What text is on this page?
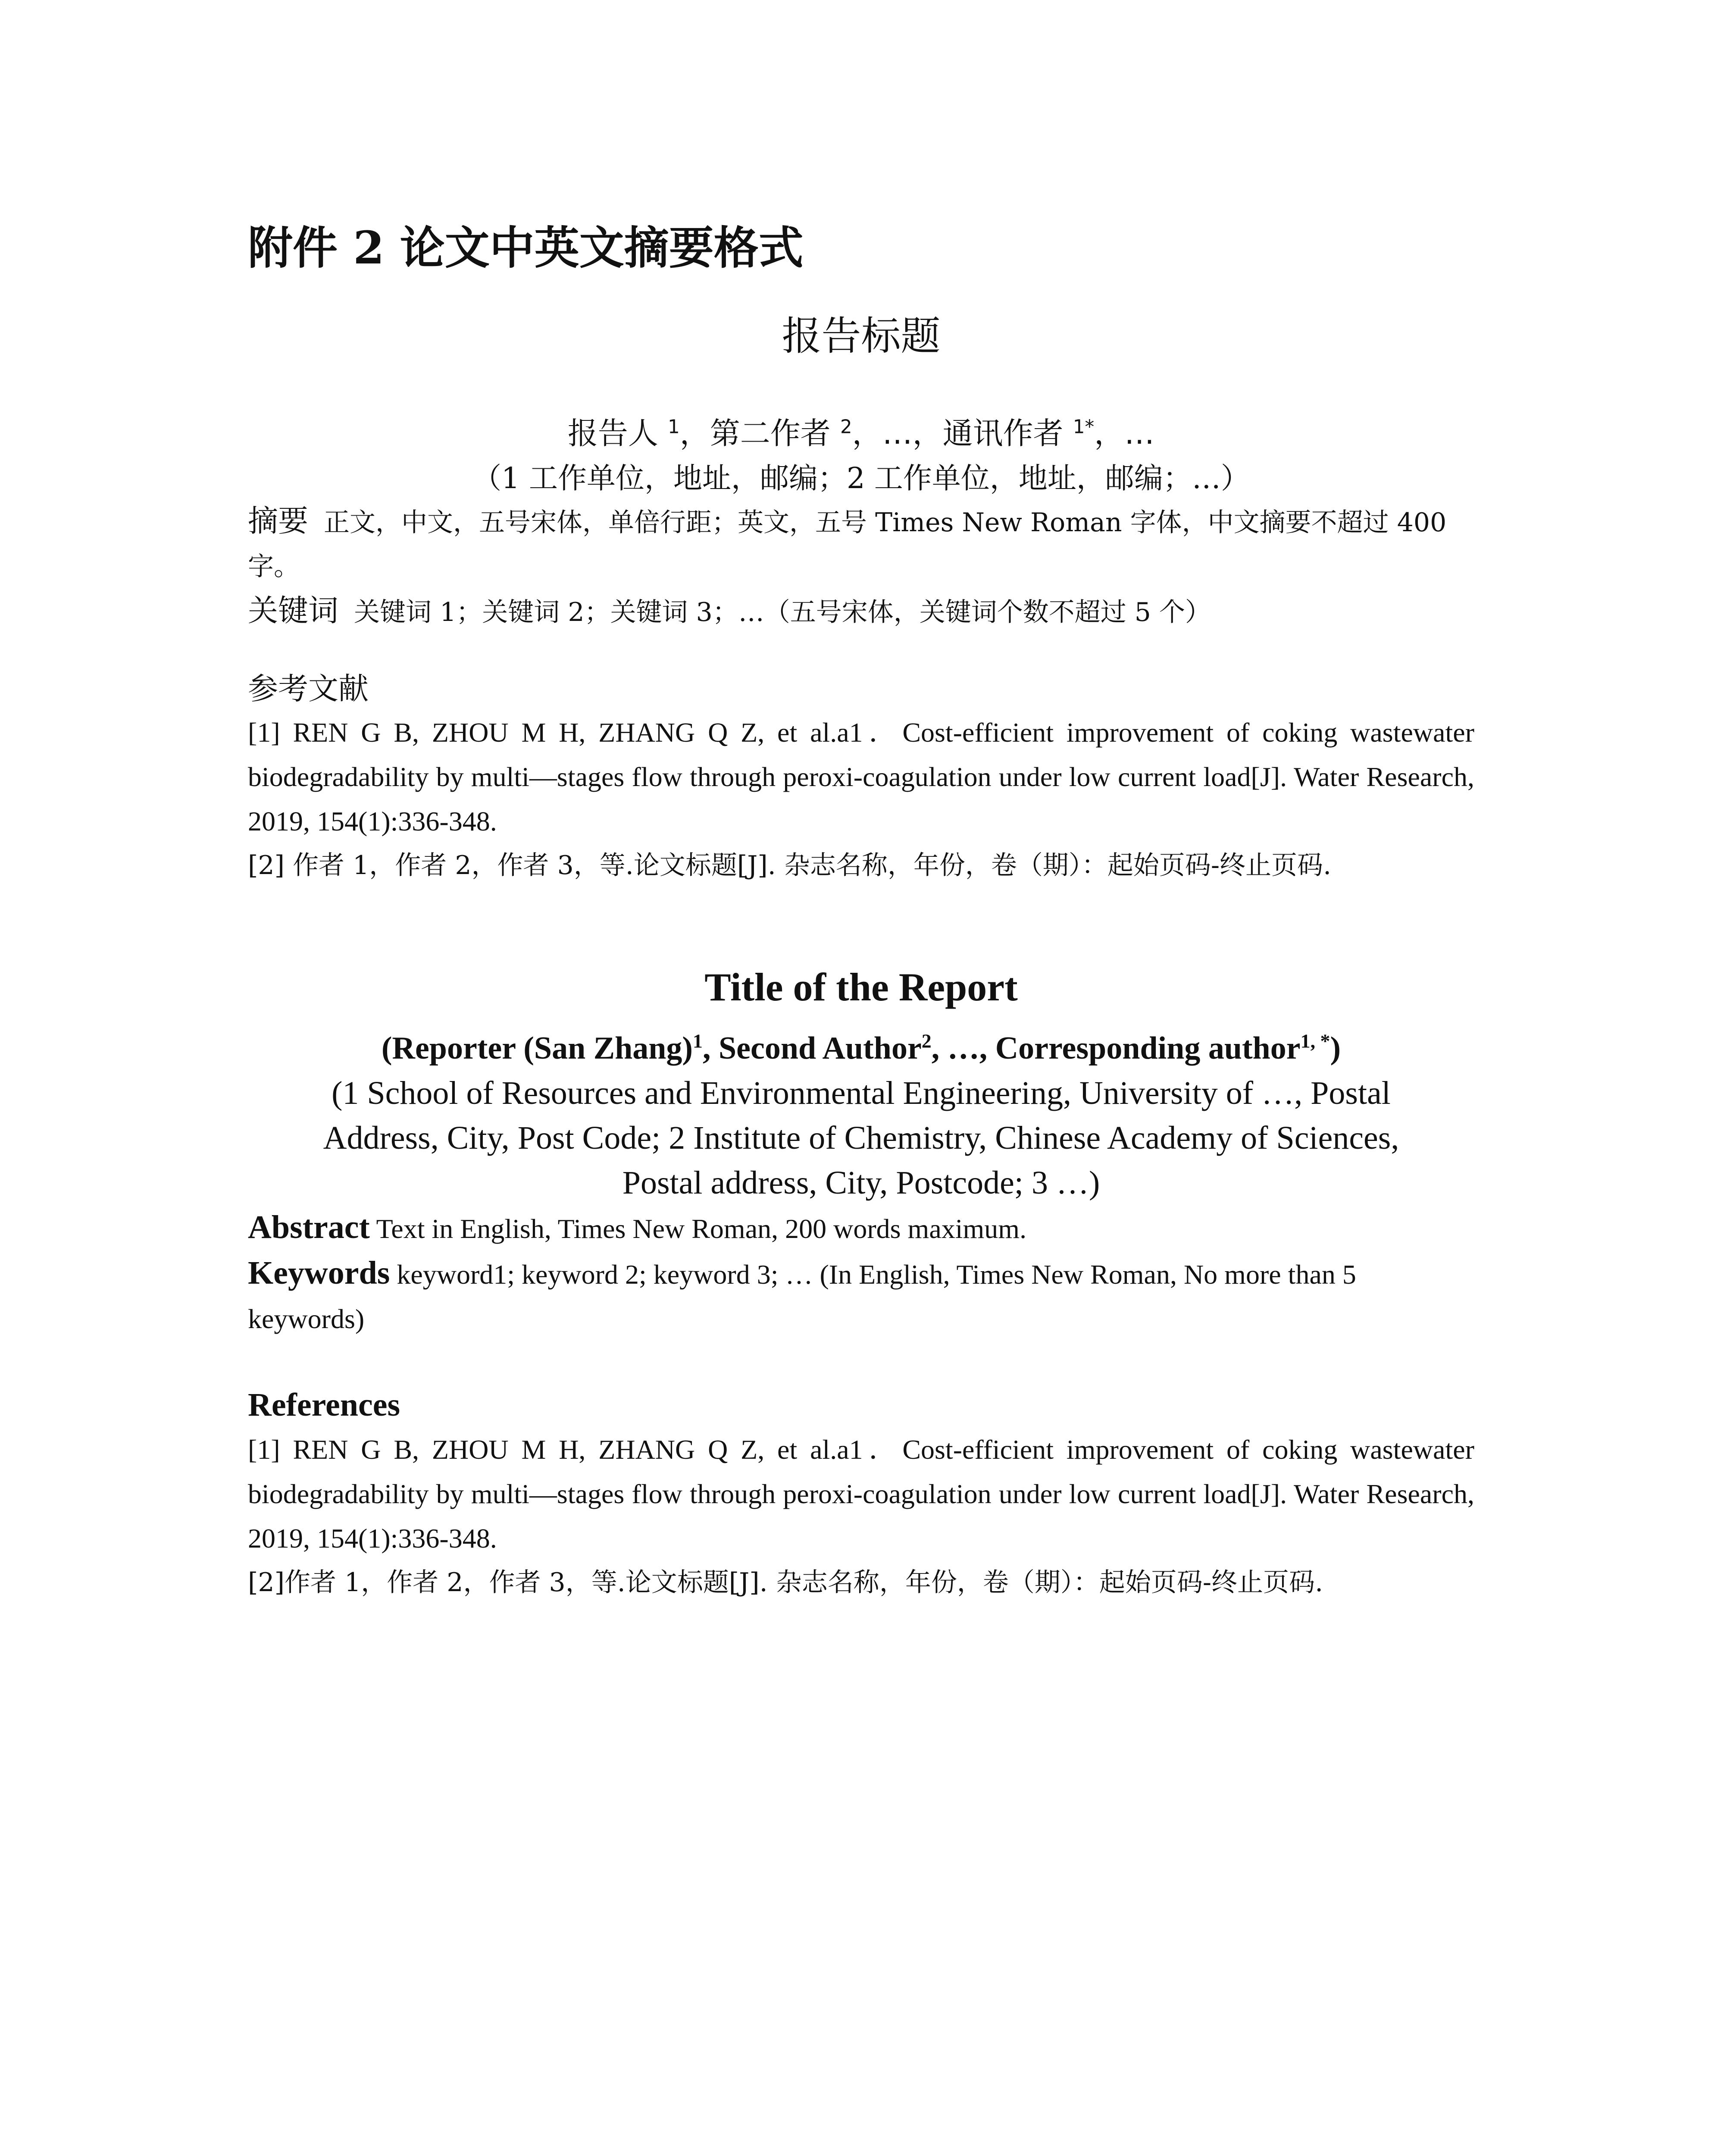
附件 2 论文中英文摘要格式
报告标题
报告人 $^1$，第二作者 $^2$，…，通讯作者 $^{1*}$，…
（1 工作单位，地址，邮编；2 工作单位，地址，邮编；…）

摘要 正文，中文，五号宋体，单倍行距；英文，五号 Times New Roman 字体，中文摘要不超过 400 字。

关键词 关键词 1；关键词 2；关键词 3；…（五号宋体，关键词个数不超过 5 个）

参考文献

[1] REN G B, ZHOU M H, ZHANG Q Z, et al.a1．Cost-efficient improvement of coking wastewater biodegradability by multi—stages flow through peroxi-coagulation under low current load[J]. Water Research, 2019, 154(1):336-348.

[2] 作者 1，作者 2，作者 3，等.论文标题[J]. 杂志名称，年份，卷（期）：起始页码-终止页码.

Title of the Report
(Reporter (San Zhang)$^1$, Second Author$^2$, …, Corresponding author$^{1, *}$)
(1 School of Resources and Environmental Engineering, University of …, Postal
Address, City, Post Code; 2 Institute of Chemistry, Chinese Academy of Sciences,
Postal address, City, Postcode; 3 …)

Abstract Text in English, Times New Roman, 200 words maximum.

Keywords keyword1; keyword 2; keyword 3; … (In English, Times New Roman, No more than 5 keywords)

References

[1] REN G B, ZHOU M H, ZHANG Q Z, et al.a1．Cost-efficient improvement of coking wastewater biodegradability by multi—stages flow through peroxi-coagulation under low current load[J]. Water Research, 2019, 154(1):336-348.

[2]作者 1，作者 2，作者 3，等.论文标题[J]. 杂志名称，年份，卷（期）：起始页码-终止页码.
